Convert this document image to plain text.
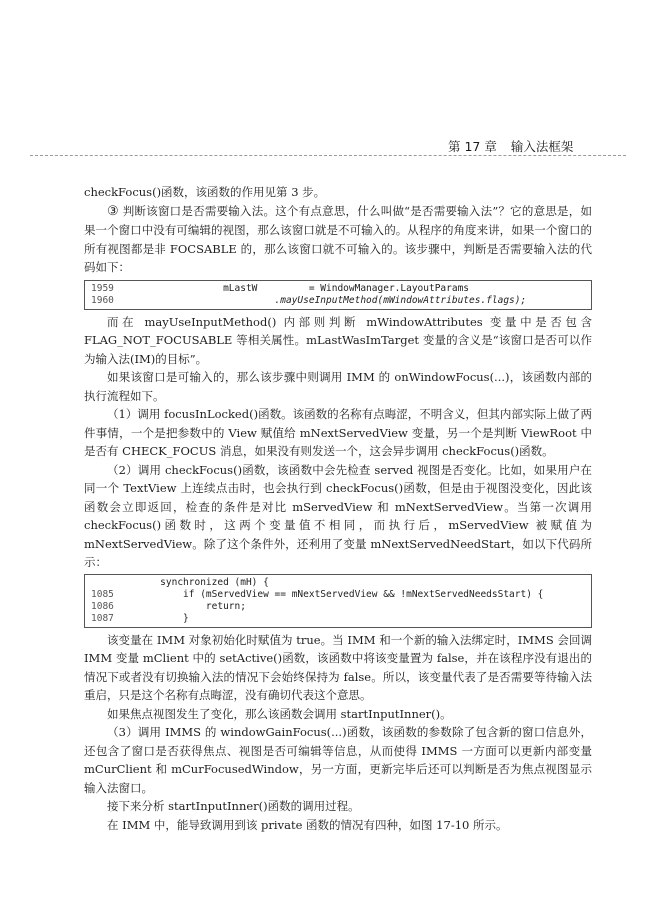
第 17 章 输入法框架

checkFocus()函数，该函数的作用见第 3 步。

③ 判断该窗口是否需要输入法。这个有点意思，什么叫做“是否需要输入法”？它的意思是，如果一个窗口中没有可编辑的视图，那么该窗口就是不可输入的。从程序的角度来讲，如果一个窗口的所有视图都是非 FOCSABLE 的，那么该窗口就不可输入的。该步骤中，判断是否需要输入法的代码如下：

1959	mLastW         = WindowManager.LayoutParams
1960	.mayUseInputMethod(mWindowAttributes.flags);

而在 mayUseInputMethod() 内部则判断 mWindowAttributes 变量中是否包含 FLAG_NOT_FOCUSABLE 等相关属性。mLastWasImTarget 变量的含义是“该窗口是否可以作为输入法(IM)的目标”。

如果该窗口是可输入的，那么该步骤中则调用 IMM 的 onWindowFocus(...)，该函数内部的执行流程如下。

（1）调用 focusInLocked()函数。该函数的名称有点晦涩，不明含义，但其内部实际上做了两件事情，一个是把参数中的 View 赋值给 mNextServedView 变量，另一个是判断 ViewRoot 中是否有 CHECK_FOCUS 消息，如果没有则发送一个，这会异步调用 checkFocus()函数。

（2）调用 checkFocus()函数，该函数中会先检查 served 视图是否变化。比如，如果用户在同一个 TextView 上连续点击时，也会执行到 checkFocus()函数，但是由于视图没变化，因此该函数会立即返回，检查的条件是对比 mServedView 和 mNextServedView。当第一次调用 checkFocus()函数时，这两个变量值不相同，而执行后，mServedView 被赋值为 mNextServedView。除了这个条件外，还利用了变量 mNextServedNeedStart，如以下代码所示：

synchronized (mH) {
1085	if (mServedView == mNextServedView && !mNextServedNeedsStart) {
1086	return;
1087	}

该变量在 IMM 对象初始化时赋值为 true。当 IMM 和一个新的输入法绑定时，IMMS 会回调 IMM 变量 mClient 中的 setActive()函数，该函数中将该变量置为 false，并在该程序没有退出的情况下或者没有切换输入法的情况下会始终保持为 false。所以，该变量代表了是否需要等待输入法重启，只是这个名称有点晦涩，没有确切代表这个意思。

如果焦点视图发生了变化，那么该函数会调用 startInputInner()。

（3）调用 IMMS 的 windowGainFocus(...)函数，该函数的参数除了包含新的窗口信息外，还包含了窗口是否获得焦点、视图是否可编辑等信息，从而使得 IMMS 一方面可以更新内部变量 mCurClient 和 mCurFocusedWindow，另一方面，更新完毕后还可以判断是否为焦点视图显示输入法窗口。

接下来分析 startInputInner()函数的调用过程。

在 IMM 中，能导致调用到该 private 函数的情况有四种，如图 17-10 所示。
